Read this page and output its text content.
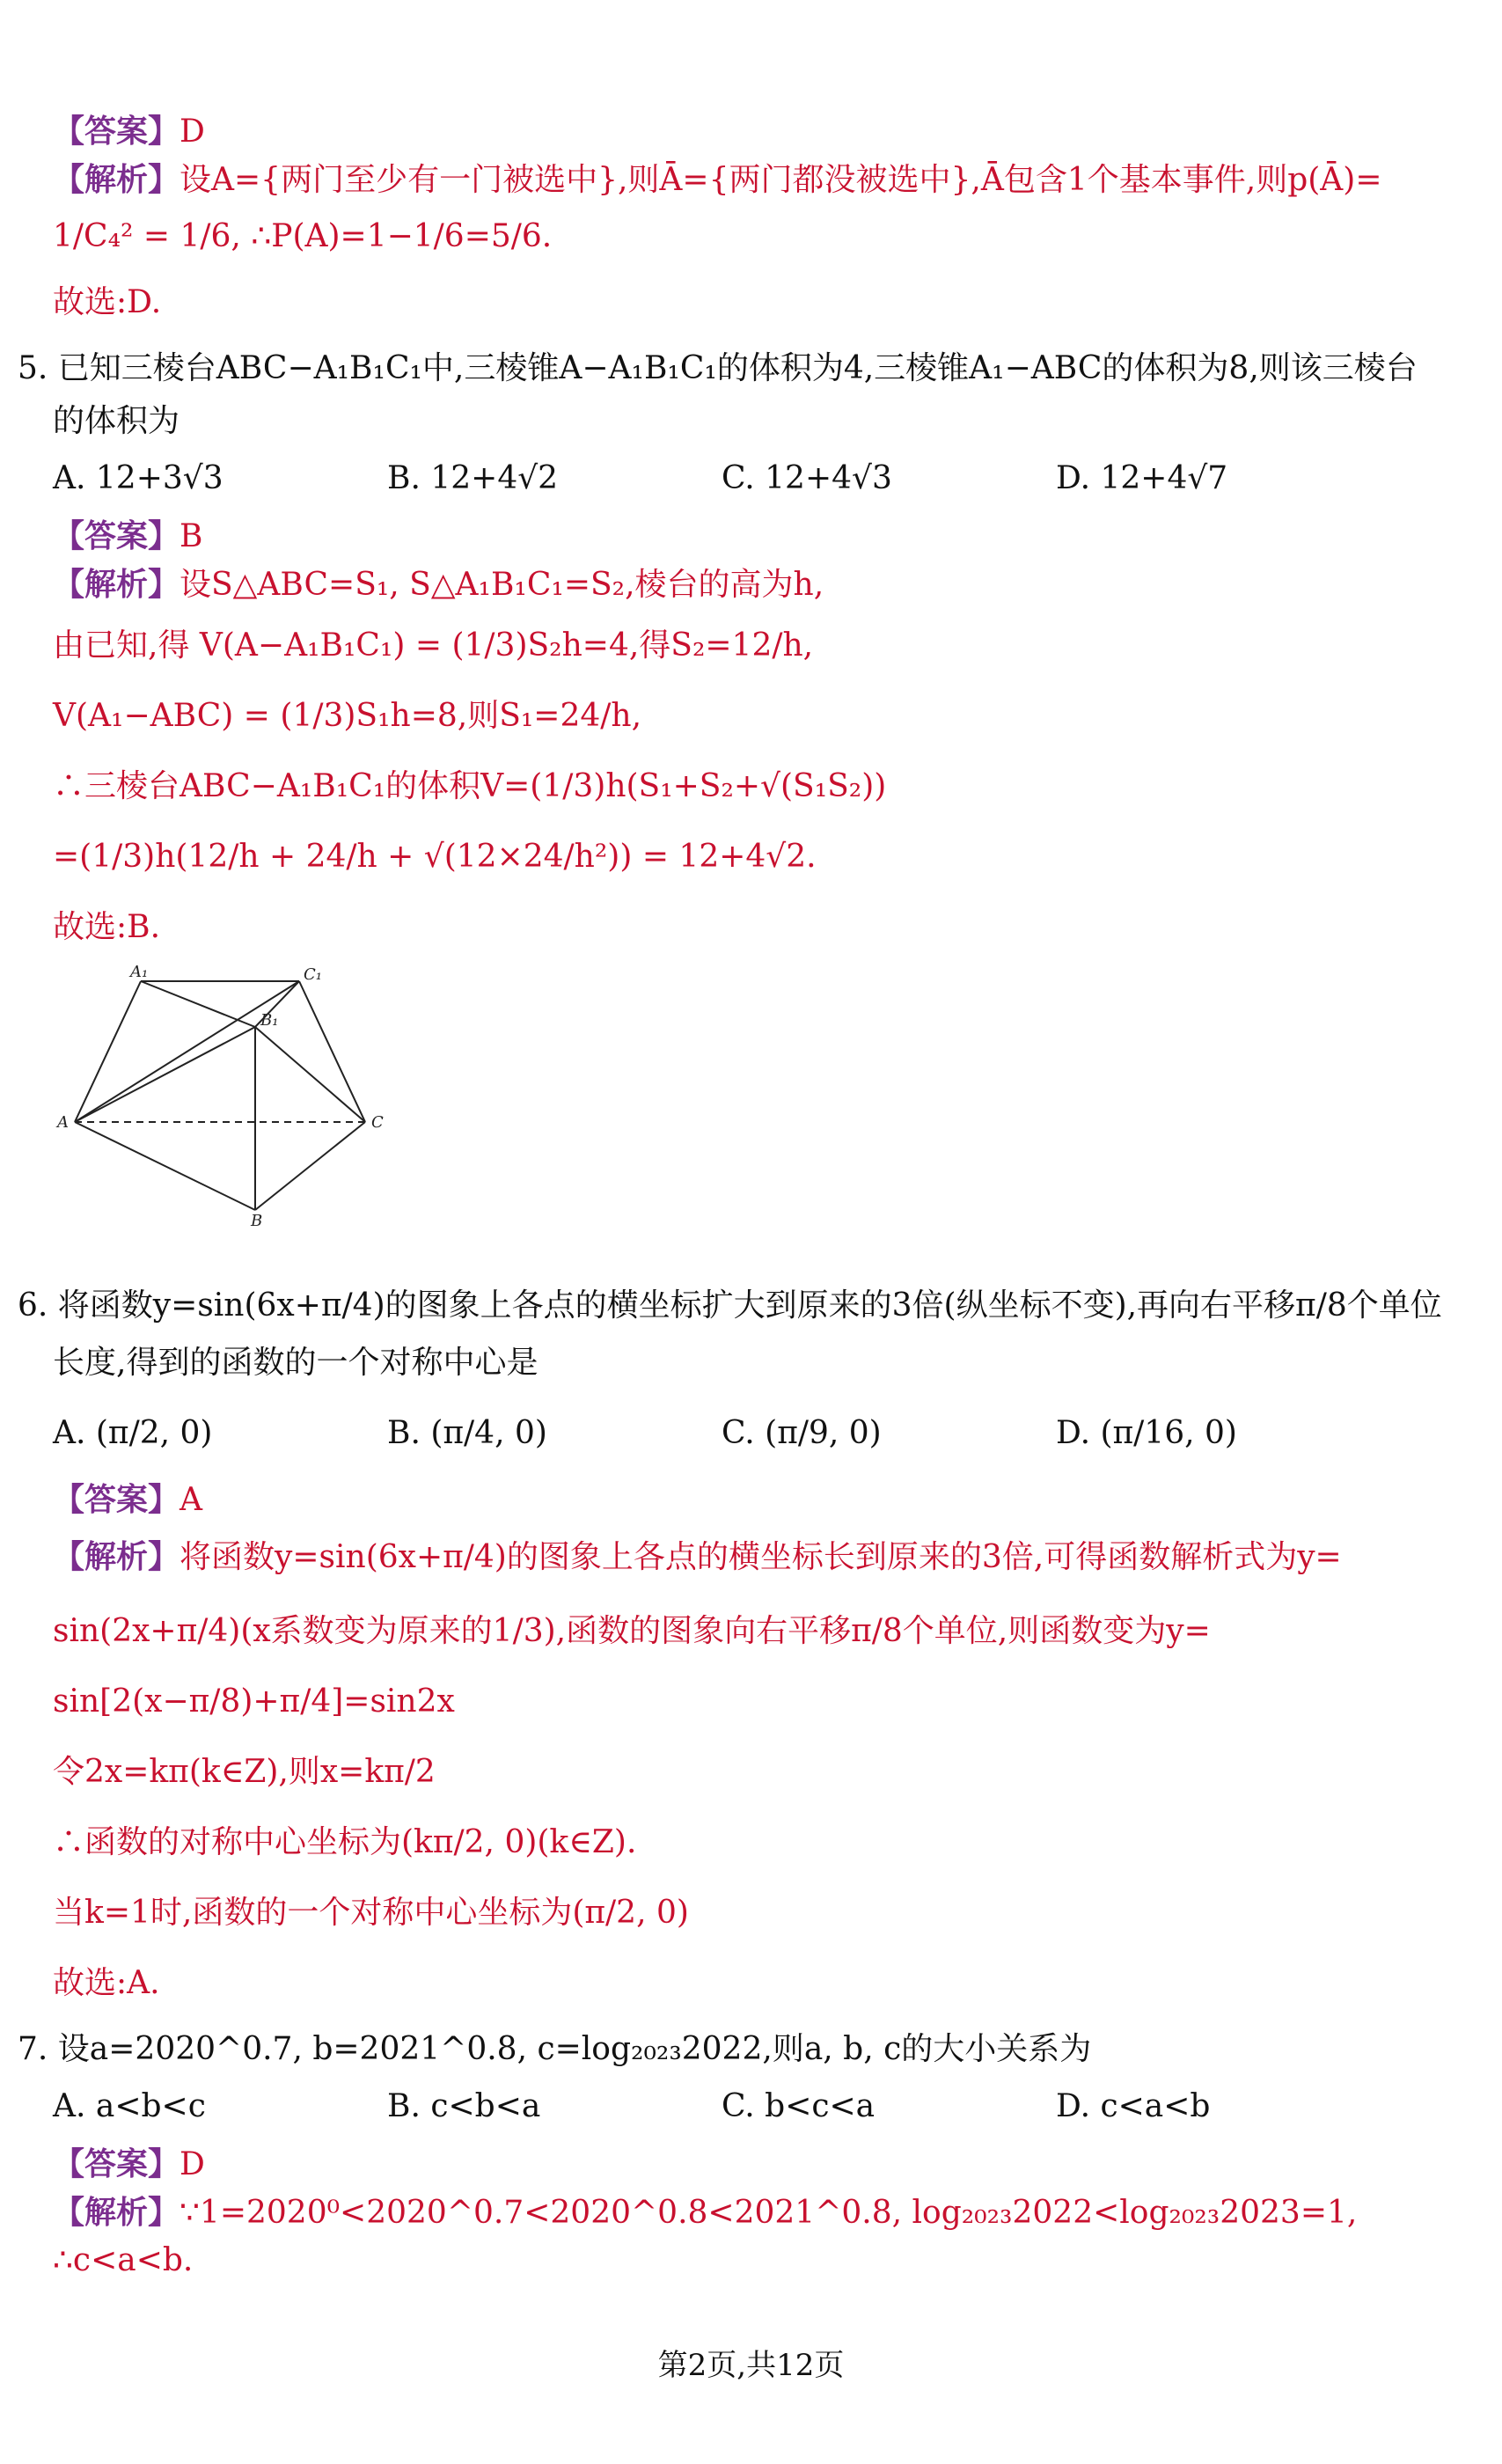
【答案】D
【解析】设A={两门至少有一门被选中},则Ā={两门都没被选中},Ā包含1个基本事件,则p(Ā)=
1/C₄² = 1/6, ∴P(A)=1−1/6=5/6.
故选:D.
5. 已知三棱台ABC−A₁B₁C₁中,三棱锥A−A₁B₁C₁的体积为4,三棱锥A₁−ABC的体积为8,则该三棱台
的体积为
A. 12+3√3	B. 12+4√2	C. 12+4√3	D. 12+4√7
【答案】B
【解析】设S△ABC=S₁, S△A₁B₁C₁=S₂,棱台的高为h,
由已知,得 V(A−A₁B₁C₁) = (1/3)S₂h=4,得S₂=12/h,
V(A₁−ABC) = (1/3)S₁h=8,则S₁=24/h,
∴三棱台ABC−A₁B₁C₁的体积V=(1/3)h(S₁+S₂+√(S₁S₂))
=(1/3)h(12/h + 24/h + √(12×24/h²)) = 12+4√2.
故选:B.
A₁	C₁
B₁
A	C
B
6. 将函数y=sin(6x+π/4)的图象上各点的横坐标扩大到原来的3倍(纵坐标不变),再向右平移π/8个单位
长度,得到的函数的一个对称中心是
A. (π/2, 0)	B. (π/4, 0)	C. (π/9, 0)	D. (π/16, 0)
【答案】A
【解析】将函数y=sin(6x+π/4)的图象上各点的横坐标长到原来的3倍,可得函数解析式为y=
sin(2x+π/4)(x系数变为原来的1/3),函数的图象向右平移π/8个单位,则函数变为y=
sin[2(x−π/8)+π/4]=sin2x
令2x=kπ(k∈Z),则x=kπ/2
∴函数的对称中心坐标为(kπ/2, 0)(k∈Z).
当k=1时,函数的一个对称中心坐标为(π/2, 0)
故选:A.
7. 设a=2020^0.7, b=2021^0.8, c=log₂₀₂₃2022,则a, b, c的大小关系为
A. a<b<c	B. c<b<a	C. b<c<a	D. c<a<b
【答案】D
【解析】∵1=2020⁰<2020^0.7<2020^0.8<2021^0.8, log₂₀₂₃2022<log₂₀₂₃2023=1,
∴c<a<b.
第2页,共12页
